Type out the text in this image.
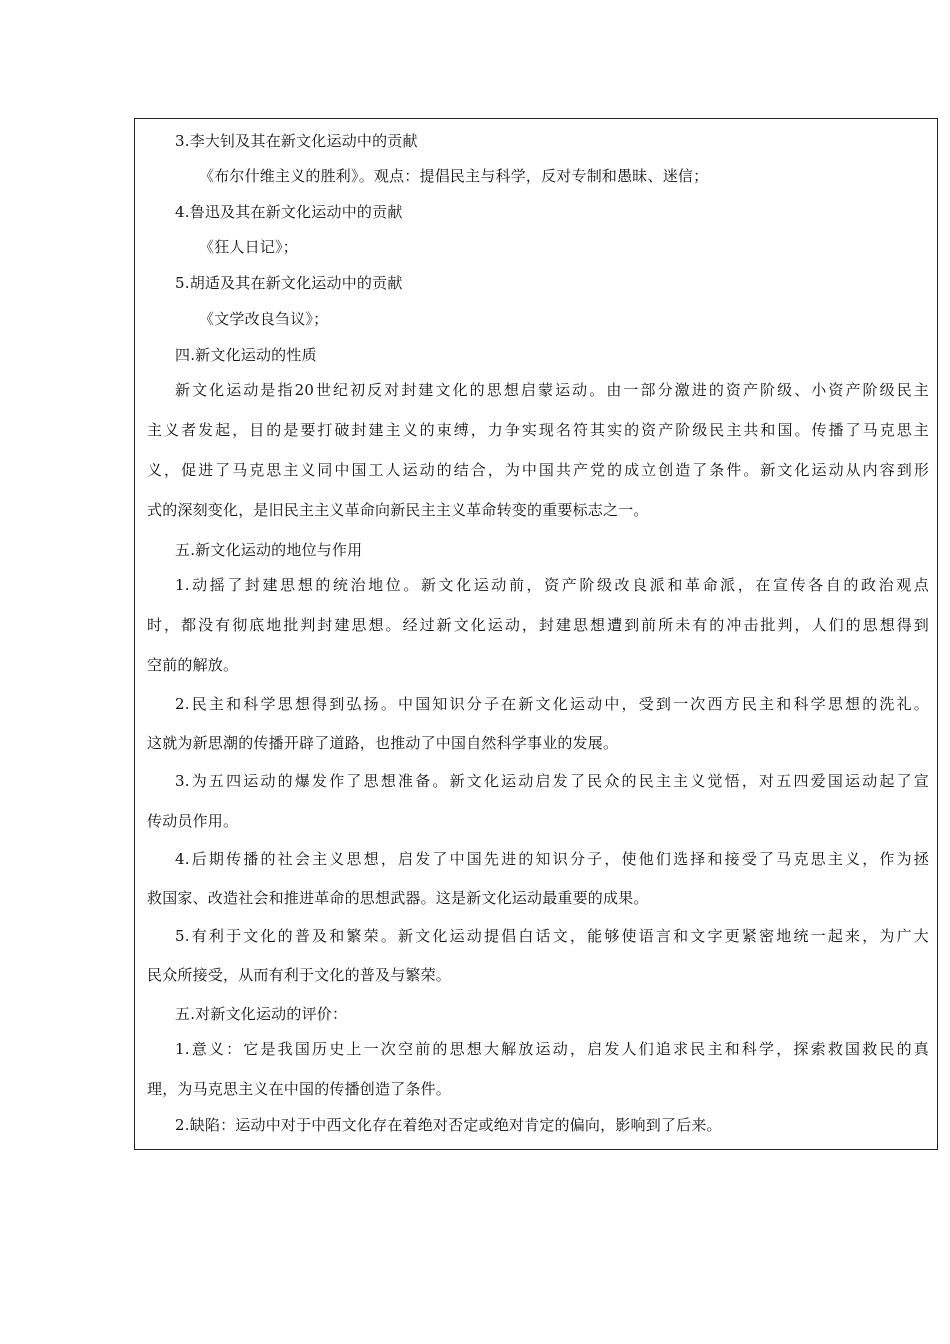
3.李大钊及其在新文化运动中的贡献
《布尔什维主义的胜利》。观点：提倡民主与科学，反对专制和愚昧、迷信；
4.鲁迅及其在新文化运动中的贡献
《狂人日记》；
5.胡适及其在新文化运动中的贡献
《文学改良刍议》；
四.新文化运动的性质
新文化运动是指20世纪初反对封建文化的思想启蒙运动。由一部分激进的资产阶级、小资产阶级民主
主义者发起，目的是要打破封建主义的束缚，力争实现名符其实的资产阶级民主共和国。传播了马克思主
义，促进了马克思主义同中国工人运动的结合，为中国共产党的成立创造了条件。新文化运动从内容到形
式的深刻变化，是旧民主主义革命向新民主主义革命转变的重要标志之一。
五.新文化运动的地位与作用
1.动摇了封建思想的统治地位。新文化运动前，资产阶级改良派和革命派，在宣传各自的政治观点
时，都没有彻底地批判封建思想。经过新文化运动，封建思想遭到前所未有的冲击批判，人们的思想得到
空前的解放。
2.民主和科学思想得到弘扬。中国知识分子在新文化运动中，受到一次西方民主和科学思想的洗礼。
这就为新思潮的传播开辟了道路，也推动了中国自然科学事业的发展。
3.为五四运动的爆发作了思想准备。新文化运动启发了民众的民主主义觉悟，对五四爱国运动起了宣
传动员作用。
4.后期传播的社会主义思想，启发了中国先进的知识分子，使他们选择和接受了马克思主义，作为拯
救国家、改造社会和推进革命的思想武器。这是新文化运动最重要的成果。
5.有利于文化的普及和繁荣。新文化运动提倡白话文，能够使语言和文字更紧密地统一起来，为广大
民众所接受，从而有利于文化的普及与繁荣。
五.对新文化运动的评价：
1.意义：它是我国历史上一次空前的思想大解放运动，启发人们追求民主和科学，探索救国救民的真
理，为马克思主义在中国的传播创造了条件。
2.缺陷：运动中对于中西文化存在着绝对否定或绝对肯定的偏向，影响到了后来。
